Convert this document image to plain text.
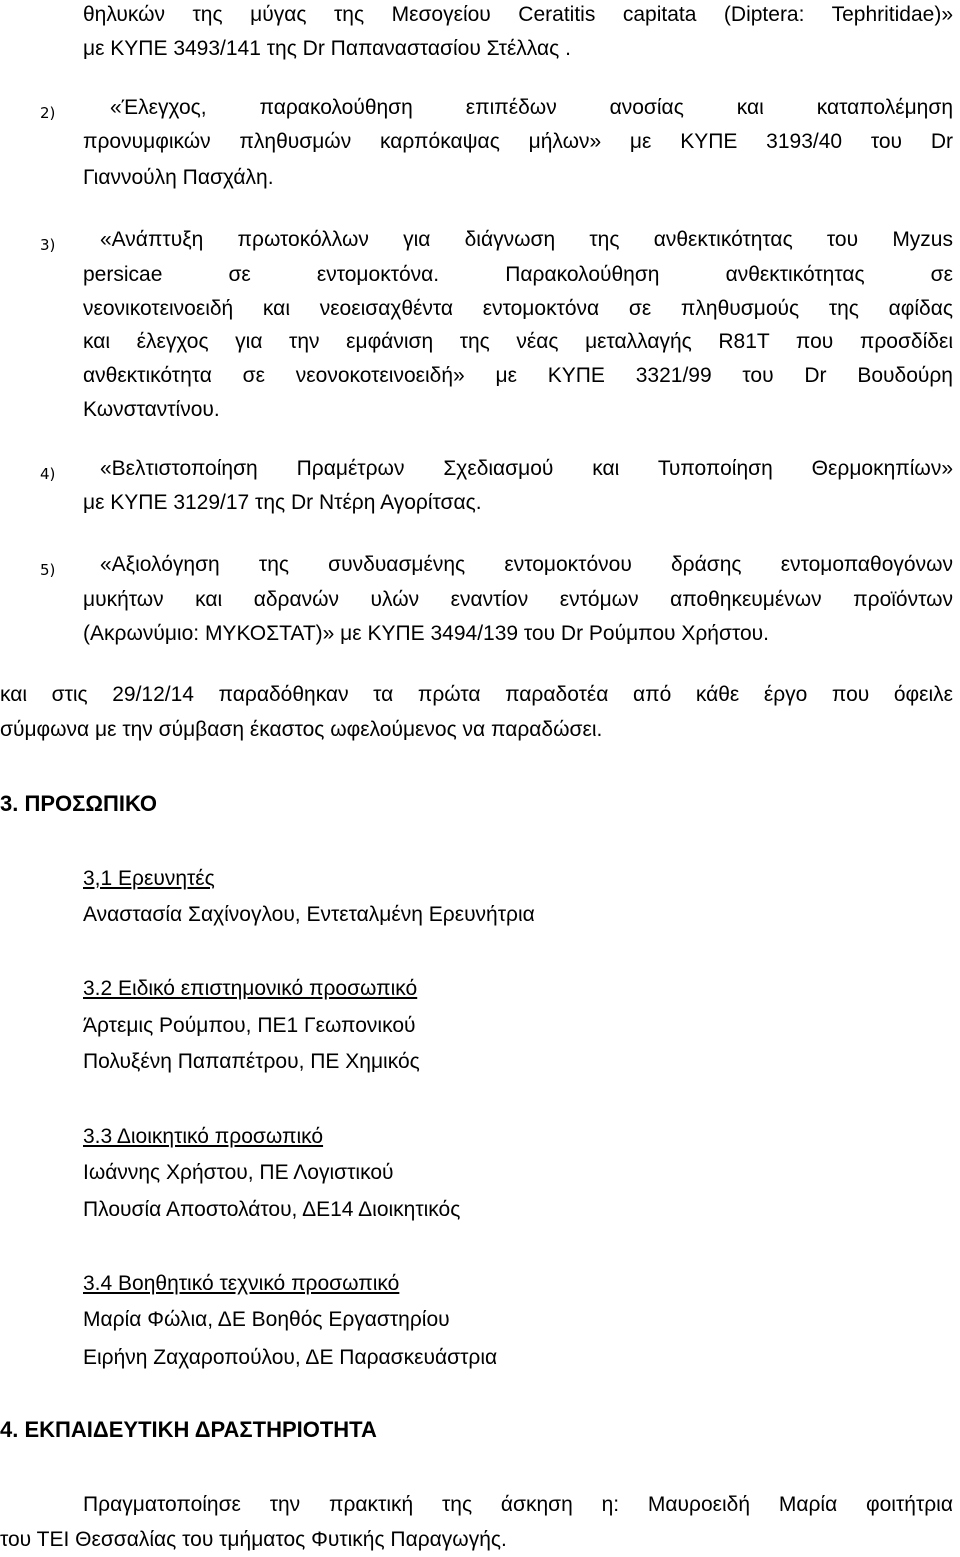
θηλυκών της μύγας της Μεσογείου Ceratitis capitata (Diptera: Tephritidae)»
με ΚΥΠΕ 3493/141 της Dr Παπαναστασίου Στέλλας .
2)	«Έλεγχος, παρακολούθηση επιπέδων ανοσίας και καταπολέμηση
προνυμφικών πληθυσμών καρπόκαψας μήλων» με ΚΥΠΕ 3193/40 του Dr
Γιαννούλη Πασχάλη.
3) «Ανάπτυξη πρωτοκόλλων για διάγνωση της ανθεκτικότητας του Myzus
persicae σε εντομοκτόνα. Παρακολούθηση ανθεκτικότητας σε
νεονικοτεινοειδή και νεοεισαχθέντα εντομοκτόνα σε πληθυσμούς της αφίδας
και έλεγχος για την εμφάνιση της νέας μεταλλαγής R81T που προσδίδει
ανθεκτικότητα σε νεονοκοτεινοειδή» με ΚΥΠΕ 3321/99 του Dr Βουδούρη
Κωνσταντίνου.
4) «Βελτιστοποίηση Πραμέτρων Σχεδιασμού και Τυποποίηση Θερμοκηπίων»
με ΚΥΠΕ 3129/17 της Dr Ντέρη Αγορίτσας.
5) «Αξιολόγηση της συνδυασμένης εντομοκτόνου δράσης εντομοπαθογόνων
μυκήτων και αδρανών υλών εναντίον εντόμων αποθηκευμένων προϊόντων
(Ακρωνύμιο: ΜΥΚΟΣΤΑΤ)» με ΚΥΠΕ 3494/139 του Dr Ρούμπου Χρήστου.
και στις 29/12/14 παραδόθηκαν τα πρώτα παραδοτέα από κάθε έργο που όφειλε
σύμφωνα με την σύμβαση έκαστος ωφελούμενος να παραδώσει.
3. ΠΡΟΣΩΠΙΚΟ
3,1 Ερευνητές
Αναστασία Σαχίνογλου, Εντεταλμένη Ερευνήτρια
3.2 Ειδικό επιστημονικό προσωπικό
Άρτεμις Ρούμπου, ΠΕ1 Γεωπονικού
Πολυξένη Παπαπέτρου, ΠΕ Χημικός
3.3 Διοικητικό προσωπικό
Ιωάννης Χρήστου, ΠΕ Λογιστικού
Πλουσία Αποστολάτου, ΔΕ14 Διοικητικός
3.4 Βοηθητικό τεχνικό προσωπικό
Μαρία Φώλια, ΔΕ Βοηθός Εργαστηρίου
Ειρήνη Ζαχαροπούλου, ΔΕ Παρασκευάστρια
4. ΕΚΠΑΙΔΕΥΤΙΚΗ ΔΡΑΣΤΗΡΙΟΤΗΤΑ
Πραγματοποίησε την πρακτική της άσκηση η: Μαυροειδή Μαρία φοιτήτρια
του ΤΕΙ Θεσσαλίας του τμήματος Φυτικής Παραγωγής.
